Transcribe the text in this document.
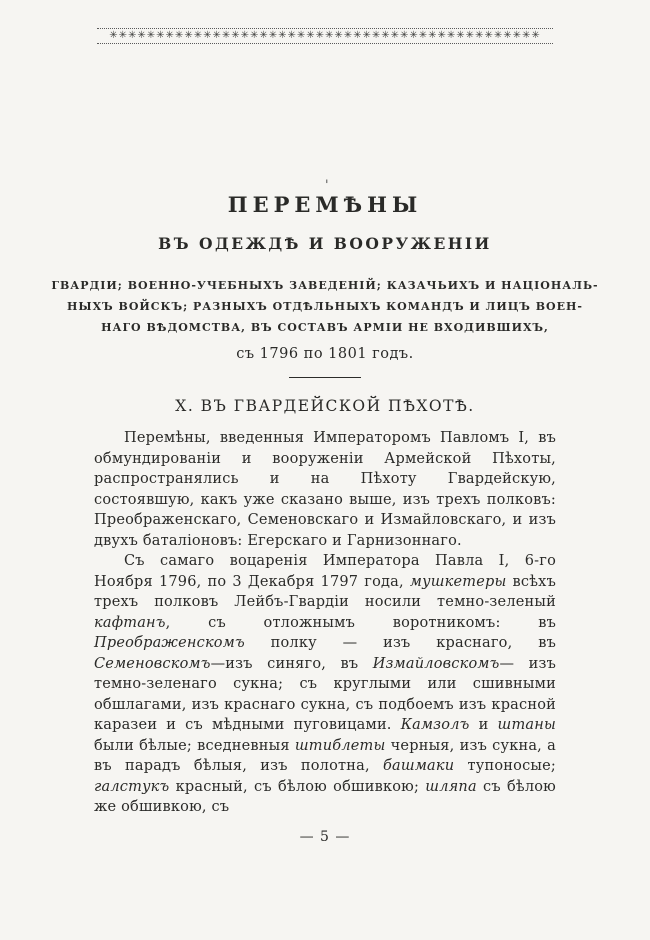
✳✳✳✳✳✳✳✳✳✳✳✳✳✳✳✳✳✳✳✳✳✳✳✳✳✳✳✳✳✳✳✳✳✳✳✳✳✳✳✳✳✳✳✳✳✳
'
ПЕРЕМѢНЫ
ВЪ ОДЕЖДѢ И ВООРУЖЕНІИ
ГВАРДІИ; ВОЕННО-УЧЕБНЫХЪ ЗАВЕДЕНІЙ; КАЗАЧЬИХЪ И НАЦІОНАЛЬ-
НЫХЪ ВОЙСКЪ; РАЗНЫХЪ ОТДѢЛЬНЫХЪ КОМАНДЪ И ЛИЦЪ ВОЕН-
НАГО ВѢДОМСТВА, ВЪ СОСТАВЪ АРМІИ НЕ ВХОДИВШИХЪ,
съ 1796 по 1801 годъ.
X. ВЪ ГВАРДЕЙСКОЙ ПѢХОТѢ.

Перемѣны, введенныя Императоромъ Павломъ I, въ обмундированіи и вооруженіи Армейской Пѣхоты, распространялись и на Пѣхоту Гвардейскую, состоявшую, какъ уже сказано выше, изъ трехъ полковъ: Преображенскаго, Семеновскаго и Измайловскаго, и изъ двухъ баталіоновъ: Егерскаго и Гарнизоннаго.

Съ самаго воцаренія Императора Павла I, 6-го Ноября 1796, по 3 Декабря 1797 года, мушкетеры всѣхъ трехъ полковъ Лейбъ-Гвардіи носили темно-зеленый кафтанъ, съ отложнымъ воротникомъ: въ Преображенскомъ полку — изъ краснаго, въ Семеновскомъ—изъ синяго, въ Измайловскомъ— изъ темно-зеленаго сукна; съ круглыми или сшивными обшлагами, изъ краснаго сукна, съ подбоемъ изъ красной каразеи и съ мѣдными пуговицами. Камзолъ и штаны были бѣлые; вседневныя штиблеты черныя, изъ сукна, а въ парадъ бѣлыя, изъ полотна, башмаки тупоносые; галстукъ красный, съ бѣлою обшивкою; шляпа съ бѣлою же обшивкою, съ

— 5 —
